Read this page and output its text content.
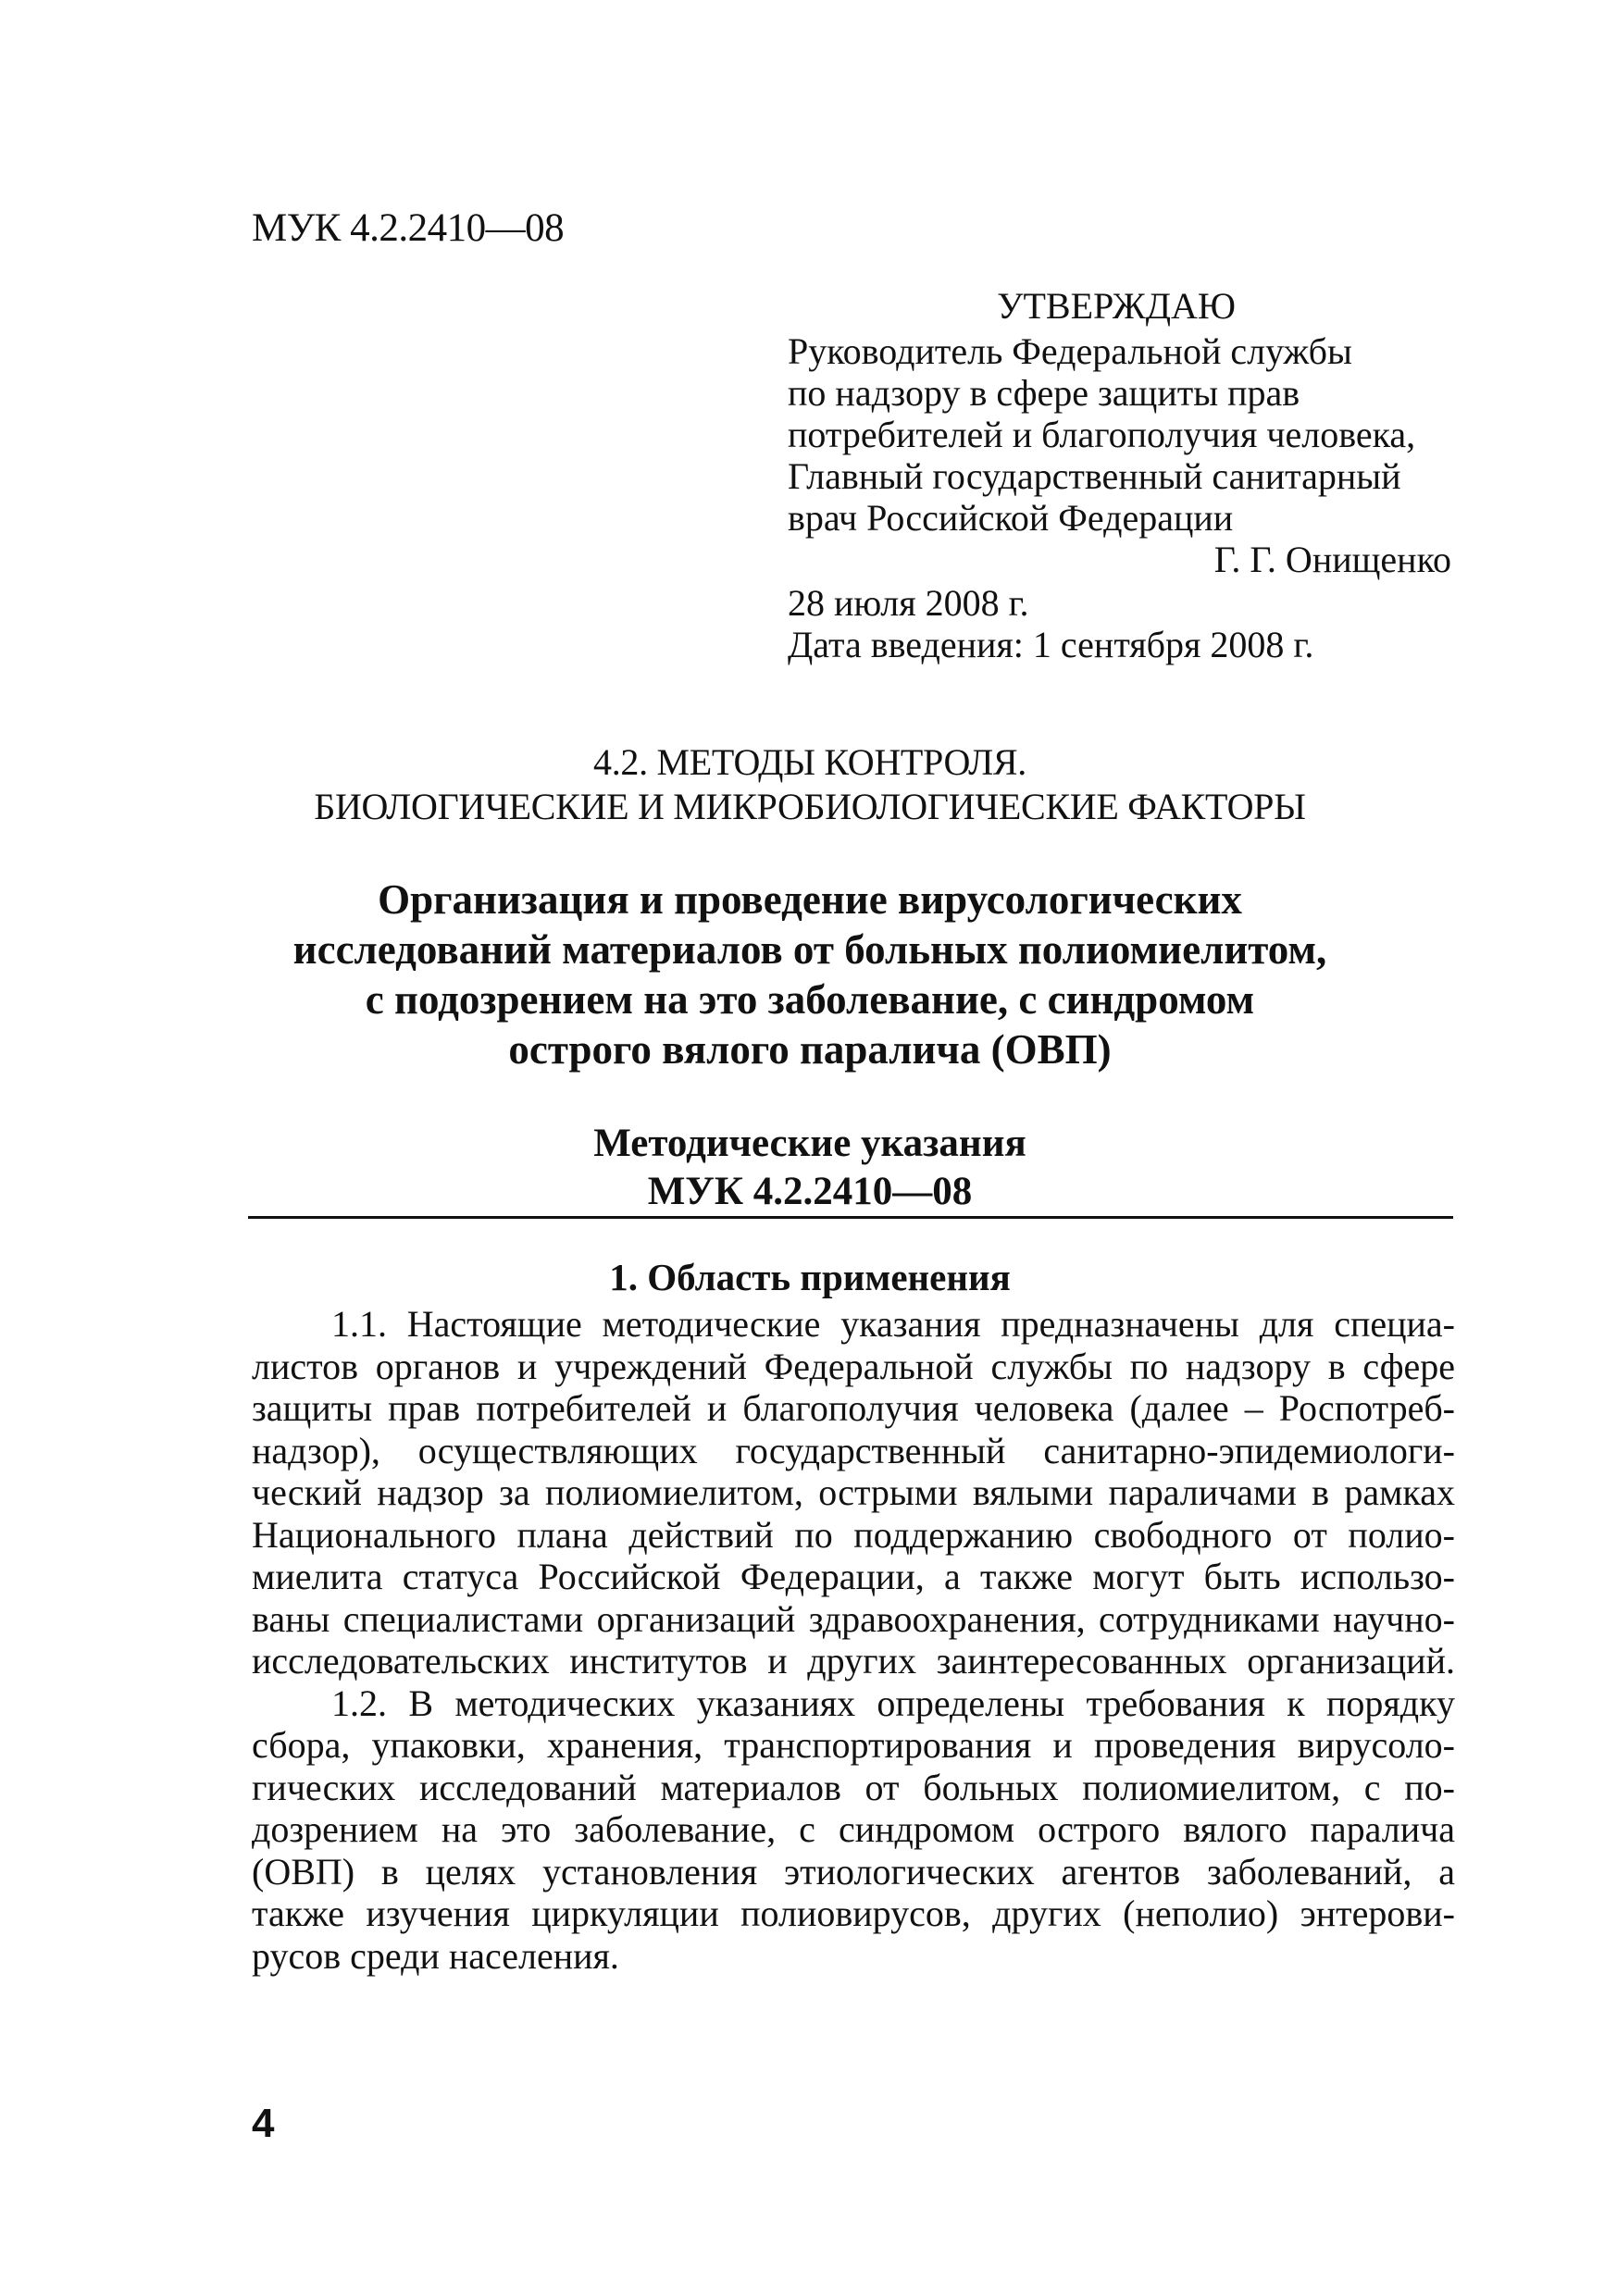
МУК 4.2.2410—08
УТВЕРЖДАЮ
Руководитель Федеральной службы
по надзору в сфере защиты прав
потребителей и благополучия человека,
Главный государственный санитарный
врач Российской Федерации
Г. Г. Онищенко
28 июля 2008 г.
Дата введения: 1 сентября 2008 г.
4.2. МЕТОДЫ КОНТРОЛЯ.
БИОЛОГИЧЕСКИЕ И МИКРОБИОЛОГИЧЕСКИЕ ФАКТОРЫ
Организация и проведение вирусологических
исследований материалов от больных полиомиелитом,
с подозрением на это заболевание, с синдромом
острого вялого паралича (ОВП)
Методические указания
МУК 4.2.2410—08
1. Область применения
1.1. Настоящие методические указания предназначены для специа-
листов органов и учреждений Федеральной службы по надзору в сфере
защиты прав потребителей и благополучия человека (далее – Роспотреб-
надзор), осуществляющих государственный санитарно-эпидемиологи-
ческий надзор за полиомиелитом, острыми вялыми параличами в рамках
Национального плана действий по поддержанию свободного от полио-
миелита статуса Российской Федерации, а также могут быть использо-
ваны специалистами организаций здравоохранения, сотрудниками научно-
исследовательских институтов и других заинтересованных организаций.
1.2. В методических указаниях определены требования к порядку
сбора, упаковки, хранения, транспортирования и проведения вирусоло-
гических исследований материалов от больных полиомиелитом, с по-
дозрением на это заболевание, с синдромом острого вялого паралича
(ОВП) в целях установления этиологических агентов заболеваний, а
также изучения циркуляции полиовирусов, других (неполио) энтерови-
русов среди населения.
4
